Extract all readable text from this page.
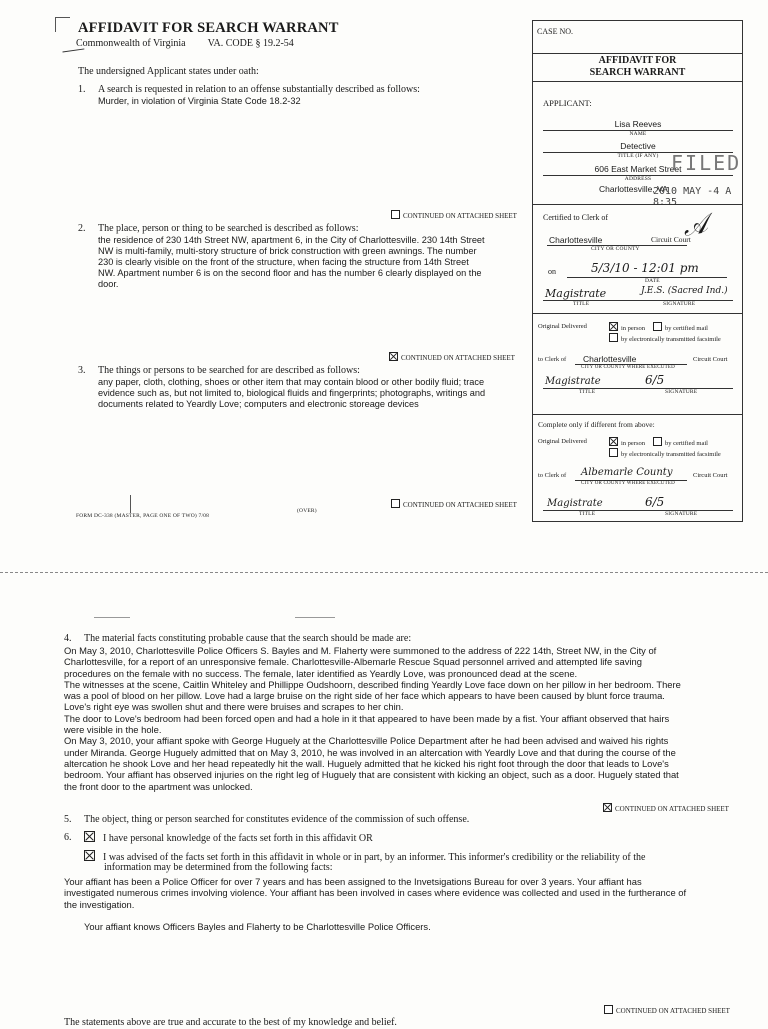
AFFIDAVIT FOR SEARCH WARRANT
Commonwealth of Virginia VA. CODE § 19.2-54
The undersigned Applicant states under oath:
1. A search is requested in relation to an offense substantially described as follows:
Murder, in violation of Virginia State Code 18.2-32
CONTINUED ON ATTACHED SHEET
2. The place, person or thing to be searched is described as follows:
the residence of 230 14th Street NW, apartment 6, in the City of Charlottesville. 230 14th Street
NW is multi-family, multi-story structure of brick construction with green awnings. The number
230 is clearly visible on the front of the structure, when facing the structure from 14th Street
NW. Apartment number 6 is on the second floor and has the number 6 clearly displayed on the
door.
CONTINUED ON ATTACHED SHEET
3. The things or persons to be searched for are described as follows:
any paper, cloth, clothing, shoes or other item that may contain blood or other bodily fluid; trace
evidence such as, but not limited to, biological fluids and fingerprints; photographs, writings and
documents related to Yeardly Love; computers and electronic storeage devices
CONTINUED ON ATTACHED SHEET
FORM DC-338 (MASTER, PAGE ONE OF TWO) 7/08
(OVER)
CASE NO.
AFFIDAVIT FOR
SEARCH WARRANT
APPLICANT:
Lisa Reeves
NAME
Detective
TITLE (IF ANY)
606 East Market Street
ADDRESS
Charlottesville, VA
FILED
2010 MAY -4 A 8:35
Certified to Clerk of
Charlottesville	Circuit Court
CITY OR COUNTY
𝒜
on	5/3/10 - 12:01 pm
DATE
Magistrate	J.E.S. (Sacred Ind.)
TITLE	SIGNATURE
Original Delivered	in person	by certified mail
by electronically transmitted facsimile
to Clerk of Charlottesville	Circuit Court
CITY OR COUNTY WHERE EXECUTED
Magistrate	6/5
TITLE	SIGNATURE
Complete only if different from above:
Original Delivered	in person	by certified mail
by electronically transmitted facsimile
to Clerk of Albemarle County	Circuit Court
CITY OR COUNTY WHERE EXECUTED
Magistrate	6/5
TITLE	SIGNATURE
4. The material facts constituting probable cause that the search should be made are:
On May 3, 2010, Charlottesville Police Officers S. Bayles and M. Flaherty were summoned to the address of 222 14th, Street NW, in the City of
Charlottesville, for a report of an unresponsive female. Charlottesville-Albemarle Rescue Squad personnel arrived and attempted life saving
procedures on the female with no success. The female, later identified as Yeardly Love, was pronounced dead at the scene.
The witnesses at the scene, Caitlin Whiteley and Phillippe Oudshoorn, described finding Yeardly Love face down on her pillow in her bedroom. There
was a pool of blood on her pillow. Love had a large bruise on the right side of her face which appears to have been caused by blunt force trauma.
Love's right eye was swollen shut and there were bruises and scrapes to her chin.
The door to Love's bedroom had been forced open and had a hole in it that appeared to have been made by a fist. Your affiant observed that hairs
were visible in the hole.
On May 3, 2010, your affiant spoke with George Huguely at the Charlottesville Police Department after he had been advised and waived his rights
under Miranda. George Huguely admitted that on May 3, 2010, he was involved in an altercation with Yeardly Love and that during the course of the
altercation he shook Love and her head repeatedly hit the wall. Huguely admitted that he kicked his right foot through the door that leads to Love's
bedroom. Your affiant has observed injuries on the right leg of Huguely that are consistent with kicking an object, such as a door. Huguely stated that
the front door to the apartment was unlocked.
CONTINUED ON ATTACHED SHEET
5. The object, thing or person searched for constitutes evidence of the commission of such offense.
6.	I have personal knowledge of the facts set forth in this affidavit OR
I was advised of the facts set forth in this affidavit in whole or in part, by an informer. This informer's credibility or the reliability of the
information may be determined from the following facts:
Your affiant has been a Police Officer for over 7 years and has been assigned to the Invetsigations Bureau for over 3 years. Your affiant has
investigated numerous crimes involving violence. Your affiant has been involved in cases where evidence was collected and used in the furtherance of
the investigation.
Your affiant knows Officers Bayles and Flaherty to be Charlottesville Police Officers.
CONTINUED ON ATTACHED SHEET
The statements above are true and accurate to the best of my knowledge and belief.
